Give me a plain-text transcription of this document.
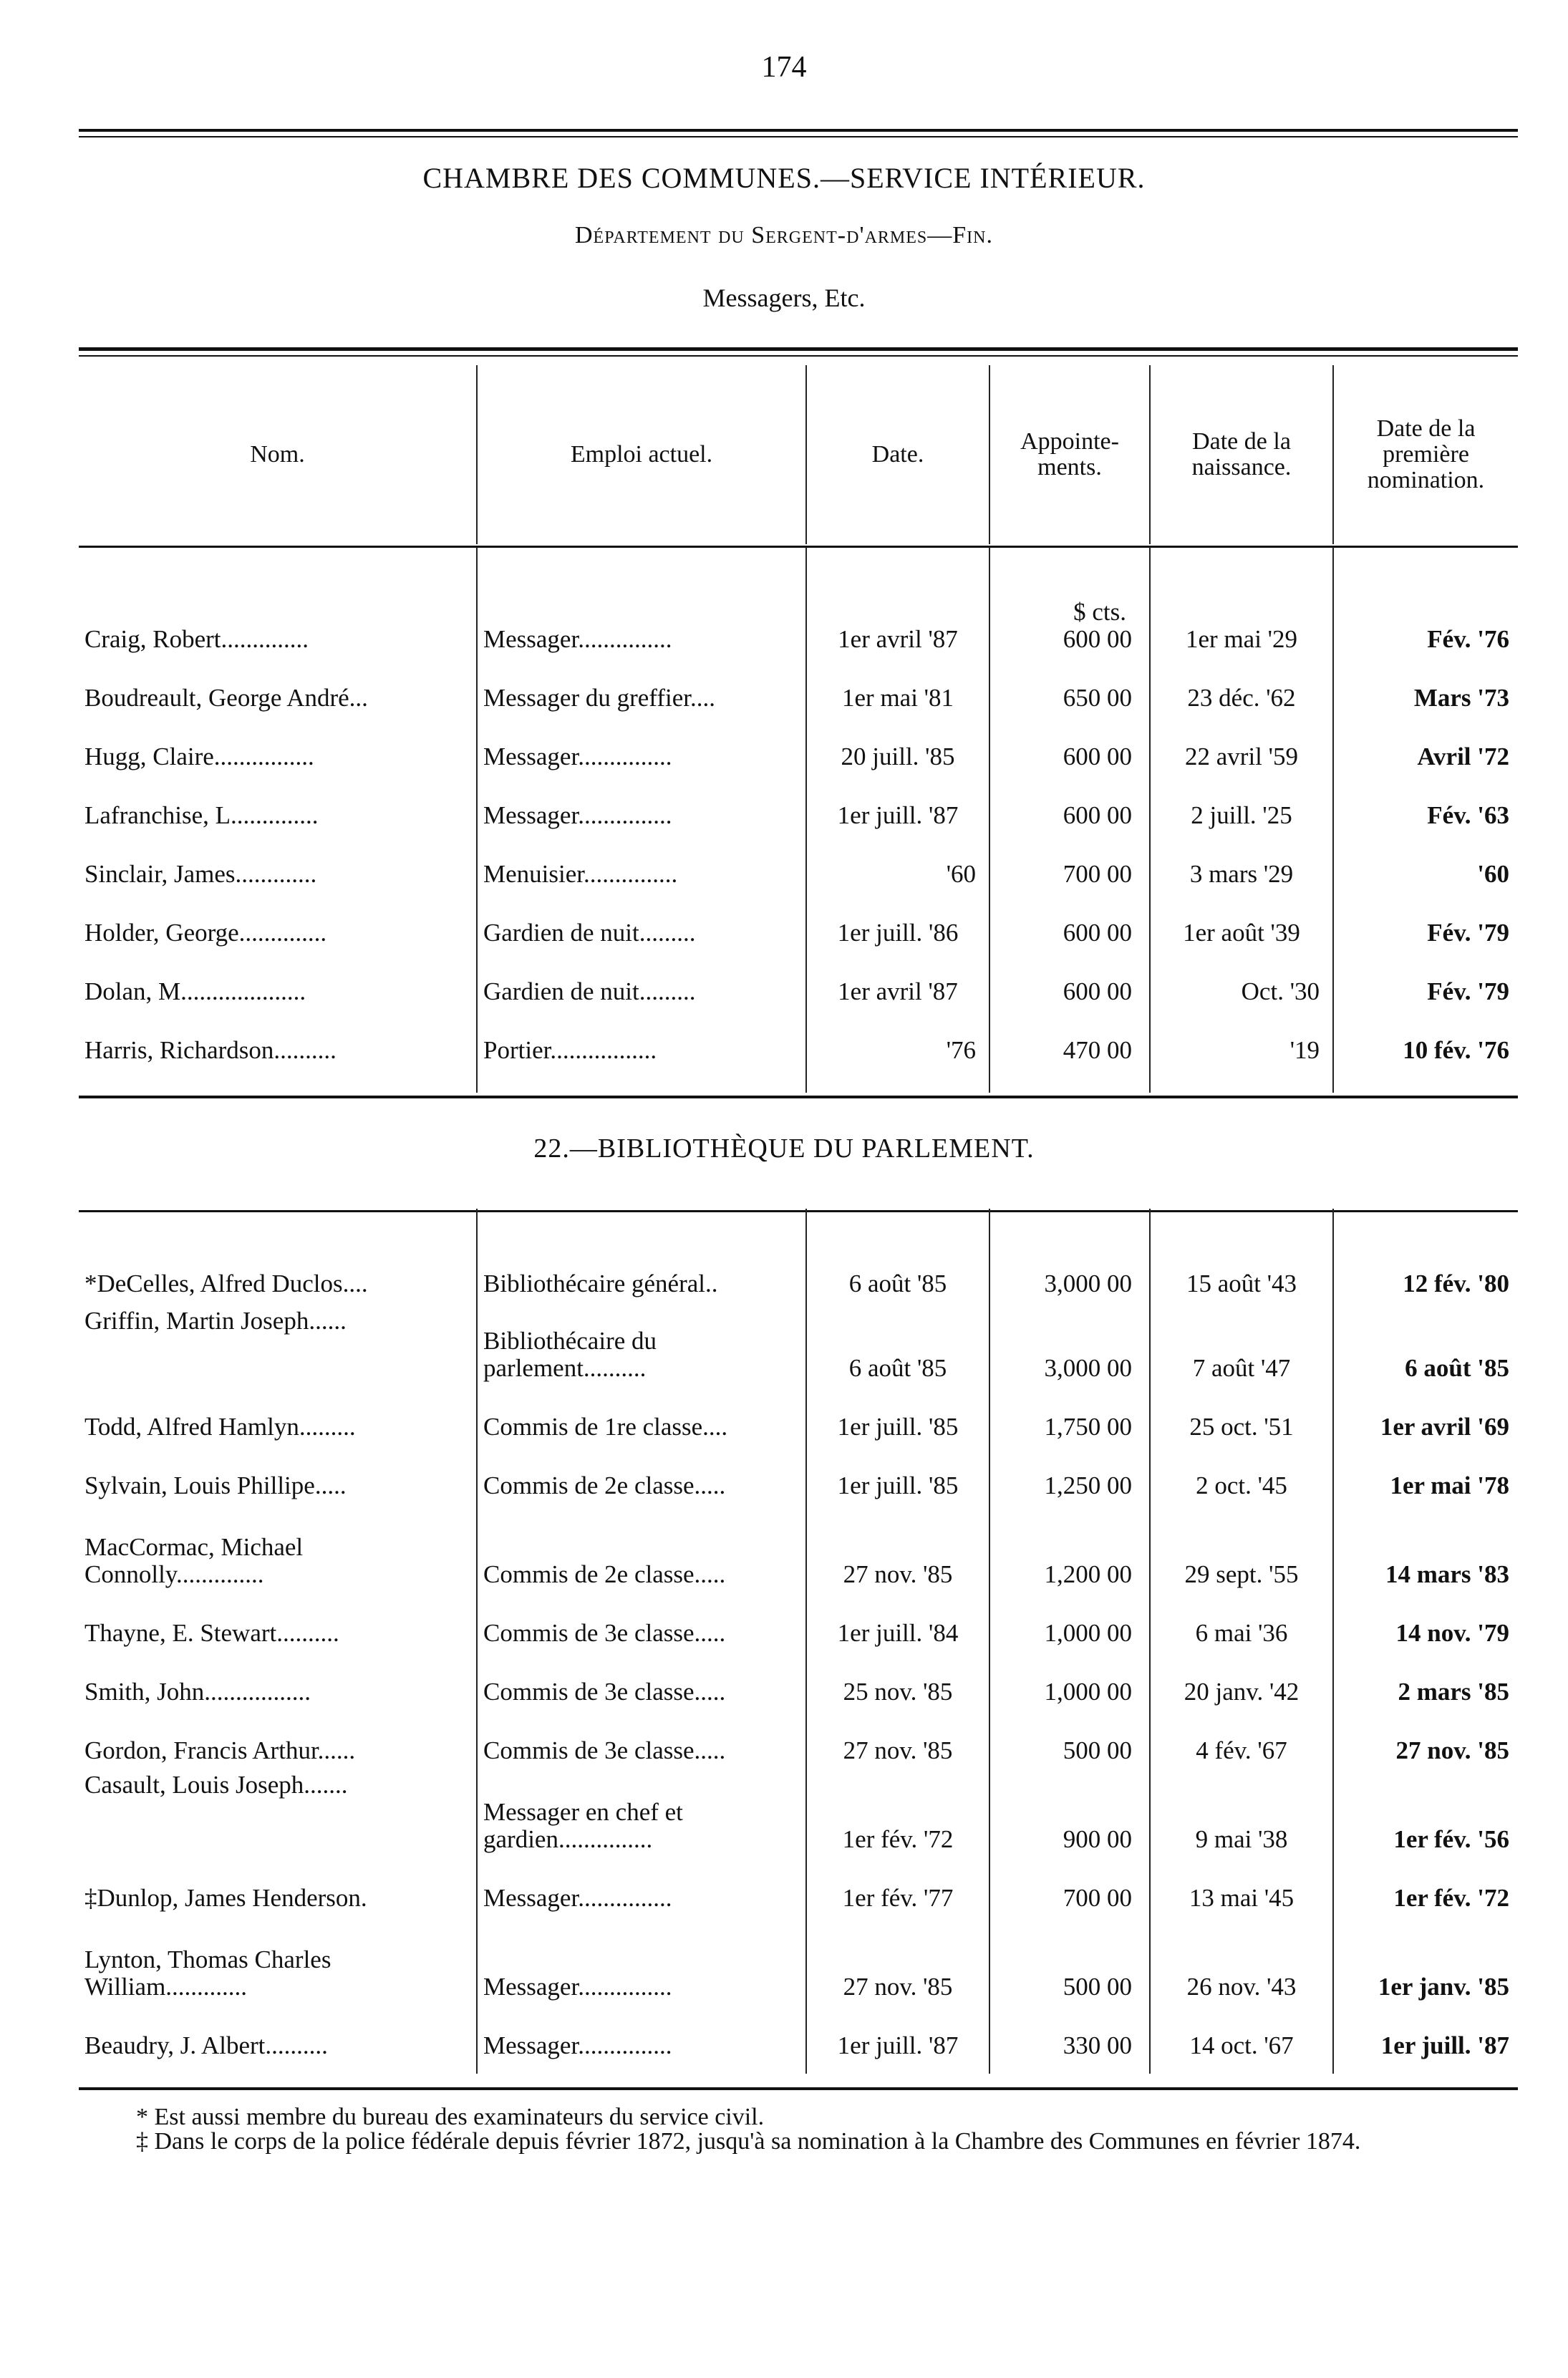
174
CHAMBRE DES COMMUNES.—SERVICE INTÉRIEUR.
Département du Sergent-d'armes—Fin.
Messagers, Etc.
Nom.	Emploi actuel.	Date.	Appointe-ments.	Date de la naissance.	Date de la première nomination.

			$ cts.		

Craig, Robert..............	Messager...............	1er avril '87	600 00	1er mai '29	Fév. '76
Boudreault, George André...	Messager du greffier....	1er mai '81	650 00	23 déc. '62	Mars '73
Hugg, Claire................	Messager...............	20 juill. '85	600 00	22 avril '59	Avril '72
Lafranchise, L..............	Messager...............	1er juill. '87	600 00	2 juill. '25	Fév. '63
Sinclair, James.............	Menuisier...............	'60	700 00	3 mars '29	'60
Holder, George..............	Gardien de nuit.........	1er juill. '86	600 00	1er août '39	Fév. '79
Dolan, M....................	Gardien de nuit.........	1er avril '87	600 00	Oct. '30	Fév. '79
Harris, Richardson..........	Portier.................	'76	470 00	'19	10 fév. '76

22.—BIBLIOTHÈQUE DU PARLEMENT.

*DeCelles, Alfred Duclos....	Bibliothécaire général..	6 août '85	3,000 00	15 août '43	12 fév. '80
Griffin, Martin Joseph......	Bibliothécaire du parlement..........	6 août '85	3,000 00	7 août '47	6 août '85
Todd, Alfred Hamlyn.........	Commis de 1re classe....	1er juill. '85	1,750 00	25 oct. '51	1er avril '69
Sylvain, Louis Phillipe.....	Commis de 2e classe.....	1er juill. '85	1,250 00	2 oct. '45	1er mai '78
MacCormac, Michael Connolly..............	Commis de 2e classe.....	27 nov. '85	1,200 00	29 sept. '55	14 mars '83
Thayne, E. Stewart..........	Commis de 3e classe.....	1er juill. '84	1,000 00	6 mai '36	14 nov. '79
Smith, John.................	Commis de 3e classe.....	25 nov. '85	1,000 00	20 janv. '42	2 mars '85
Gordon, Francis Arthur......	Commis de 3e classe.....	27 nov. '85	500 00	4 fév. '67	27 nov. '85
Casault, Louis Joseph.......	Messager en chef et gardien...............	1er fév. '72	900 00	9 mai '38	1er fév. '56
‡Dunlop, James Henderson.	Messager...............	1er fév. '77	700 00	13 mai '45	1er fév. '72
Lynton, Thomas Charles William.............	Messager...............	27 nov. '85	500 00	26 nov. '43	1er janv. '85
Beaudry, J. Albert..........	Messager...............	1er juill. '87	330 00	14 oct. '67	1er juill. '87

* Est aussi membre du bureau des examinateurs du service civil.

‡ Dans le corps de la police fédérale depuis février 1872, jusqu'à sa nomination à la Chambre des Communes en février 1874.
